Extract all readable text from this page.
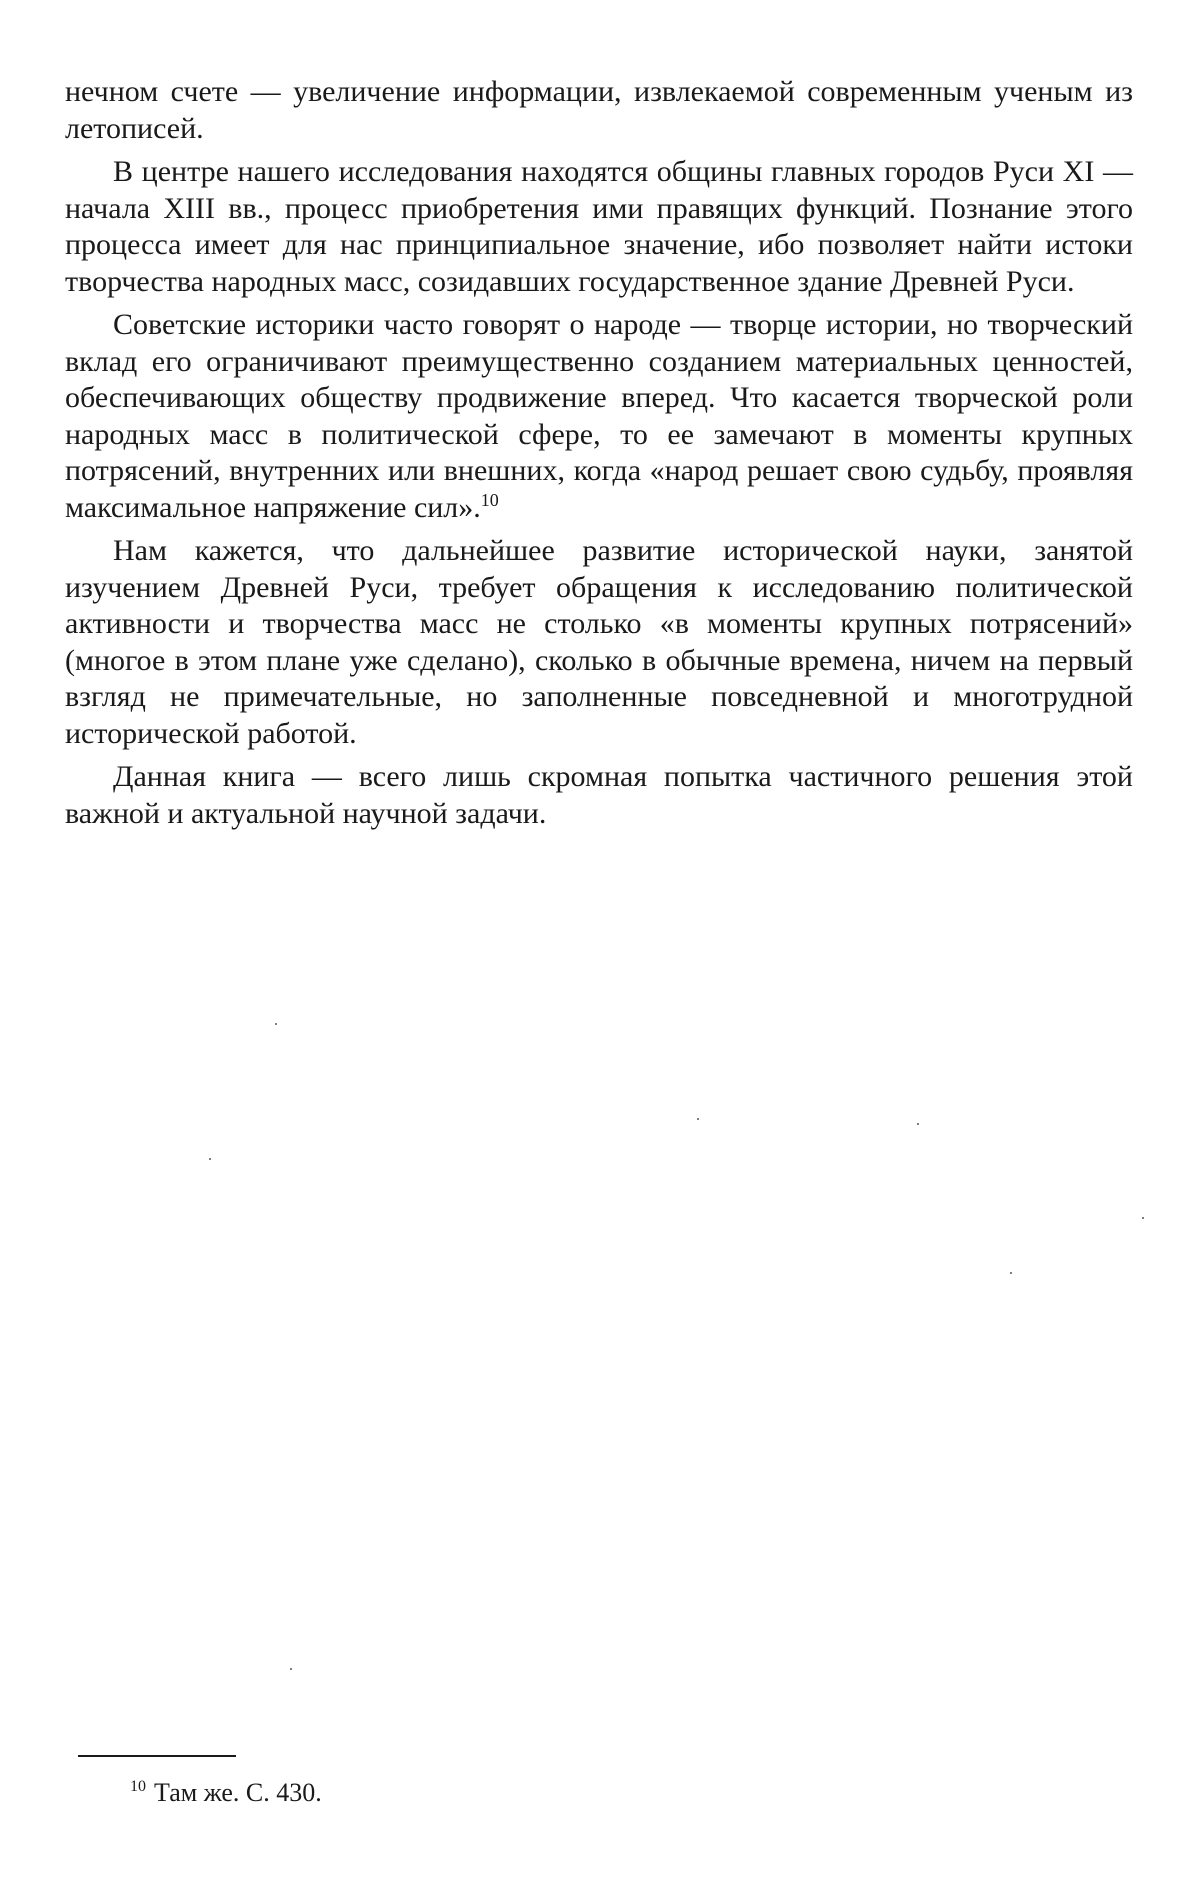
нечном счете — увеличение информации, извлекаемой современным ученым из летописей.

В центре нашего исследования находятся общины главных городов Руси XI — начала XIII вв., процесс приобретения ими правящих функций. Познание этого процесса имеет для нас принципиальное значение, ибо позволяет найти истоки творчества народных масс, созидавших государственное здание Древней Руси.

Советские историки часто говорят о народе — творце истории, но творческий вклад его ограничивают преимущественно созданием материальных ценностей, обеспечивающих обществу продвижение вперед. Что касается творческой роли народных масс в политической сфере, то ее замечают в моменты крупных потрясений, внутренних или внешних, когда «народ решает свою судьбу, проявляя максимальное напряжение сил».$^{10}$

Нам кажется, что дальнейшее развитие исторической науки, занятой изучением Древней Руси, требует обращения к исследованию политической активности и творчества масс не столько «в моменты крупных потрясений» (многое в этом плане уже сделано), сколько в обычные времена, ничем на первый взгляд не примечательные, но заполненные повседневной и многотрудной исторической работой.

Данная книга — всего лишь скромная попытка частичного решения этой важной и актуальной научной задачи.

$^{10}$ Там же. С. 430.
